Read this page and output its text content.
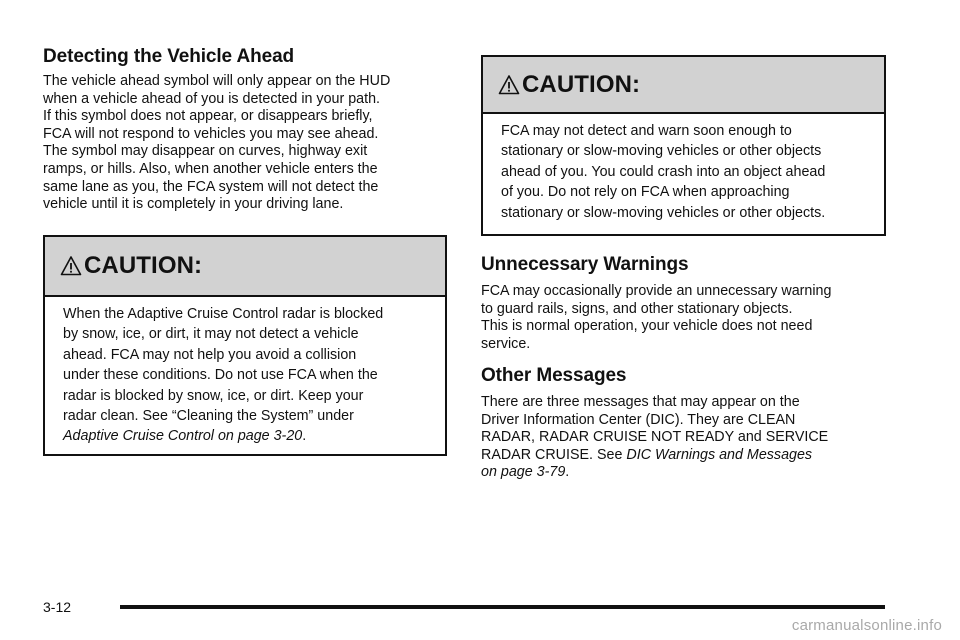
Detecting the Vehicle Ahead

The vehicle ahead symbol will only appear on the HUD
when a vehicle ahead of you is detected in your path.
If this symbol does not appear, or disappears briefly,
FCA will not respond to vehicles you may see ahead.
The symbol may disappear on curves, highway exit
ramps, or hills. Also, when another vehicle enters the
same lane as you, the FCA system will not detect the
vehicle until it is completely in your driving lane.

CAUTION:
When the Adaptive Cruise Control radar is blocked
by snow, ice, or dirt, it may not detect a vehicle
ahead. FCA may not help you avoid a collision
under these conditions. Do not use FCA when the
radar is blocked by snow, ice, or dirt. Keep your
radar clean. See “Cleaning the System” under
Adaptive Cruise Control on page 3-20.
CAUTION:
FCA may not detect and warn soon enough to
stationary or slow-moving vehicles or other objects
ahead of you. You could crash into an object ahead
of you. Do not rely on FCA when approaching
stationary or slow-moving vehicles or other objects.
Unnecessary Warnings

FCA may occasionally provide an unnecessary warning
to guard rails, signs, and other stationary objects.
This is normal operation, your vehicle does not need
service.

Other Messages

There are three messages that may appear on the
Driver Information Center (DIC). They are CLEAN
RADAR, RADAR CRUISE NOT READY and SERVICE
RADAR CRUISE. See DIC Warnings and Messages
on page 3-79.

3-12
carmanualsonline.info
